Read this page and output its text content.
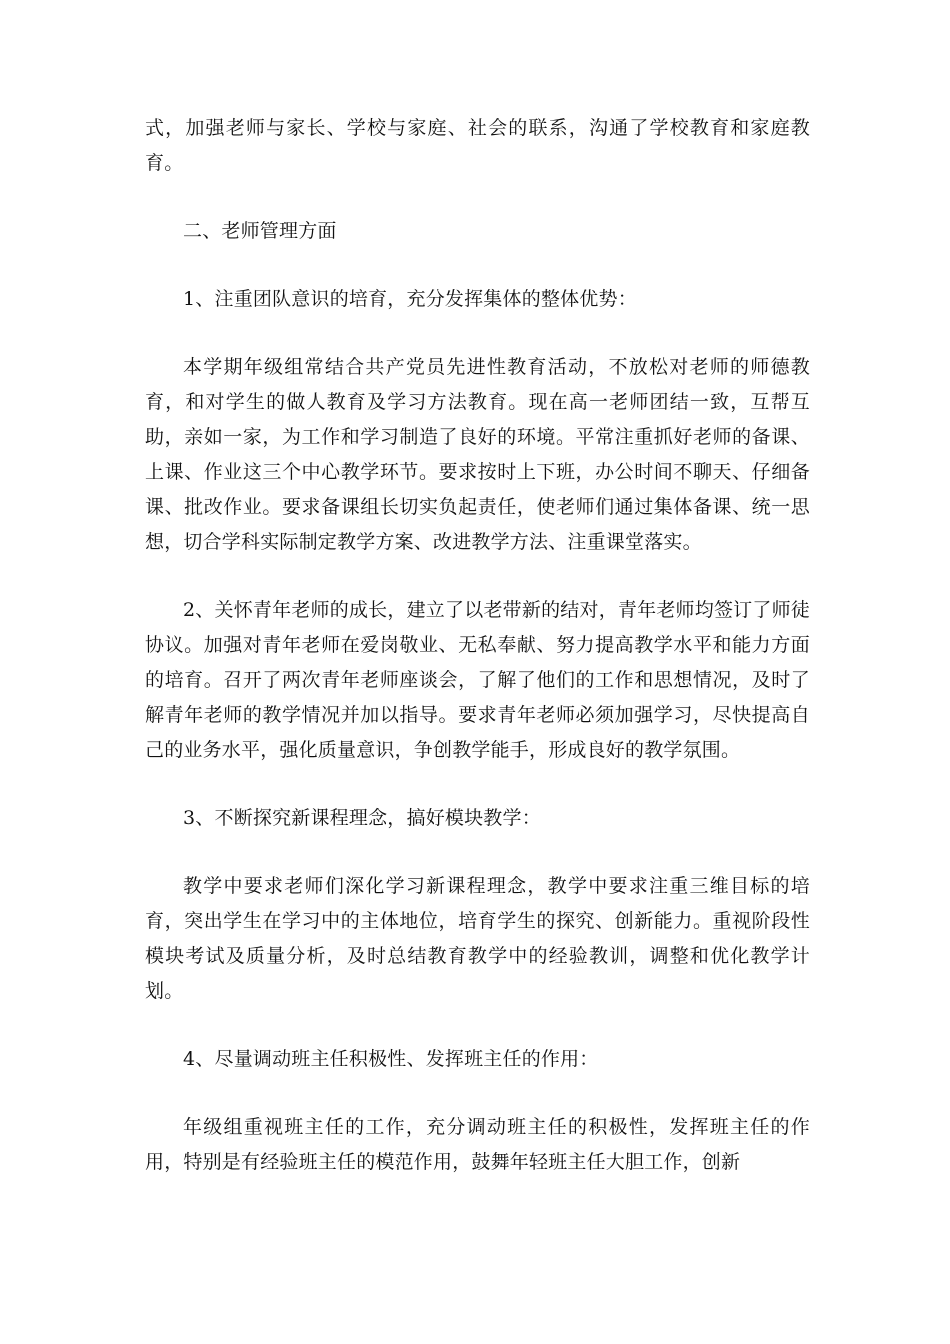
式，加强老师与家长、学校与家庭、社会的联系，沟通了学校教育和家庭教育。

二、老师管理方面

1、注重团队意识的培育，充分发挥集体的整体优势：

本学期年级组常结合共产党员先进性教育活动，不放松对老师的师德教育，和对学生的做人教育及学习方法教育。现在高一老师团结一致，互帮互助，亲如一家，为工作和学习制造了良好的环境。平常注重抓好老师的备课、上课、作业这三个中心教学环节。要求按时上下班，办公时间不聊天、仔细备课、批改作业。要求备课组长切实负起责任，使老师们通过集体备课、统一思想，切合学科实际制定教学方案、改进教学方法、注重课堂落实。

2、关怀青年老师的成长，建立了以老带新的结对，青年老师均签订了师徒协议。加强对青年老师在爱岗敬业、无私奉献、努力提高教学水平和能力方面的培育。召开了两次青年老师座谈会，了解了他们的工作和思想情况，及时了解青年老师的教学情况并加以指导。要求青年老师必须加强学习，尽快提高自己的业务水平，强化质量意识，争创教学能手，形成良好的教学氛围。

3、不断探究新课程理念，搞好模块教学：

教学中要求老师们深化学习新课程理念，教学中要求注重三维目标的培育，突出学生在学习中的主体地位，培育学生的探究、创新能力。重视阶段性模块考试及质量分析，及时总结教育教学中的经验教训，调整和优化教学计划。

4、尽量调动班主任积极性、发挥班主任的作用：

年级组重视班主任的工作，充分调动班主任的积极性，发挥班主任的作用，特别是有经验班主任的模范作用，鼓舞年轻班主任大胆工作，创新
